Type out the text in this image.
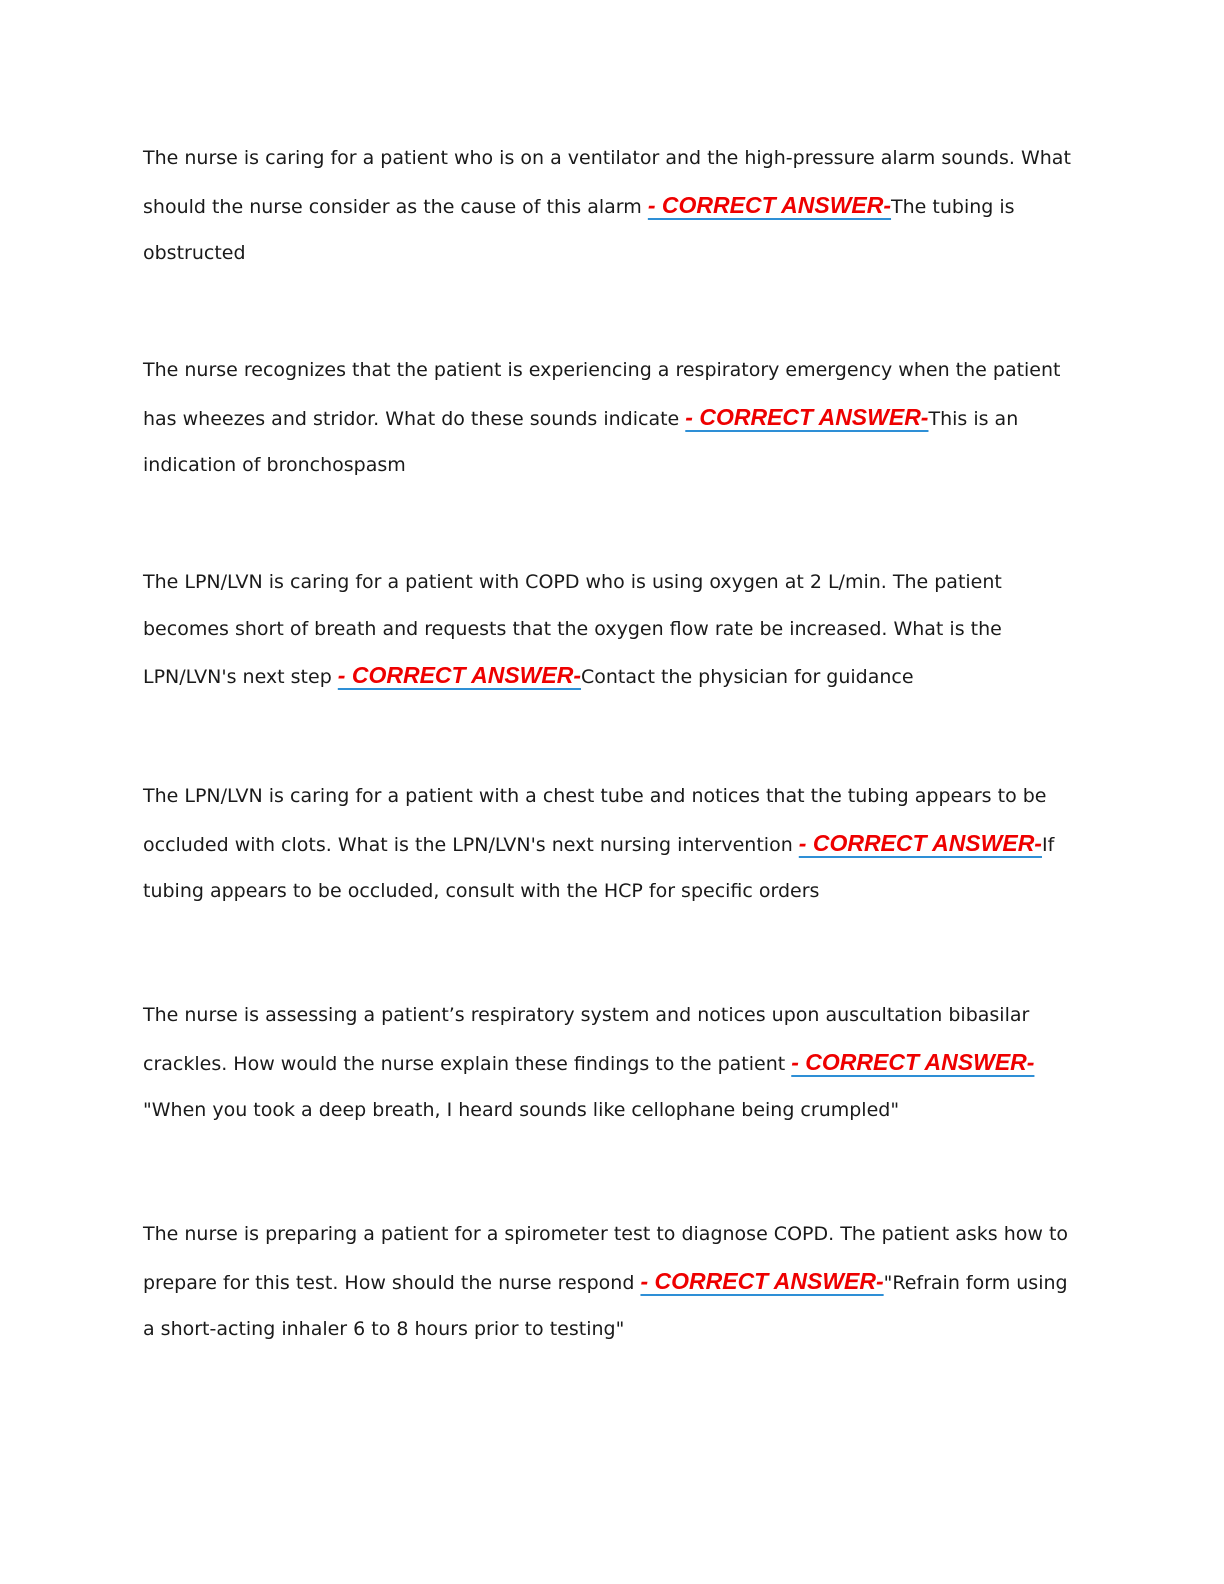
The nurse is caring for a patient who is on a ventilator and the high-pressure alarm sounds. What should the nurse consider as the cause of this alarm - CORRECT ANSWER-The tubing is obstructed

The nurse recognizes that the patient is experiencing a respiratory emergency when the patient has wheezes and stridor. What do these sounds indicate - CORRECT ANSWER-This is an indication of bronchospasm

The LPN/LVN is caring for a patient with COPD who is using oxygen at 2 L/min. The patient becomes short of breath and requests that the oxygen flow rate be increased. What is the LPN/LVN's next step - CORRECT ANSWER-Contact the physician for guidance

The LPN/LVN is caring for a patient with a chest tube and notices that the tubing appears to be occluded with clots. What is the LPN/LVN's next nursing intervention - CORRECT ANSWER-If tubing appears to be occluded, consult with the HCP for specific orders

The nurse is assessing a patient’s respiratory system and notices upon auscultation bibasilar crackles. How would the nurse explain these findings to the patient - CORRECT ANSWER-"When you took a deep breath, I heard sounds like cellophane being crumpled"

The nurse is preparing a patient for a spirometer test to diagnose COPD. The patient asks how to prepare for this test. How should the nurse respond - CORRECT ANSWER-"Refrain form using a short-acting inhaler 6 to 8 hours prior to testing"
